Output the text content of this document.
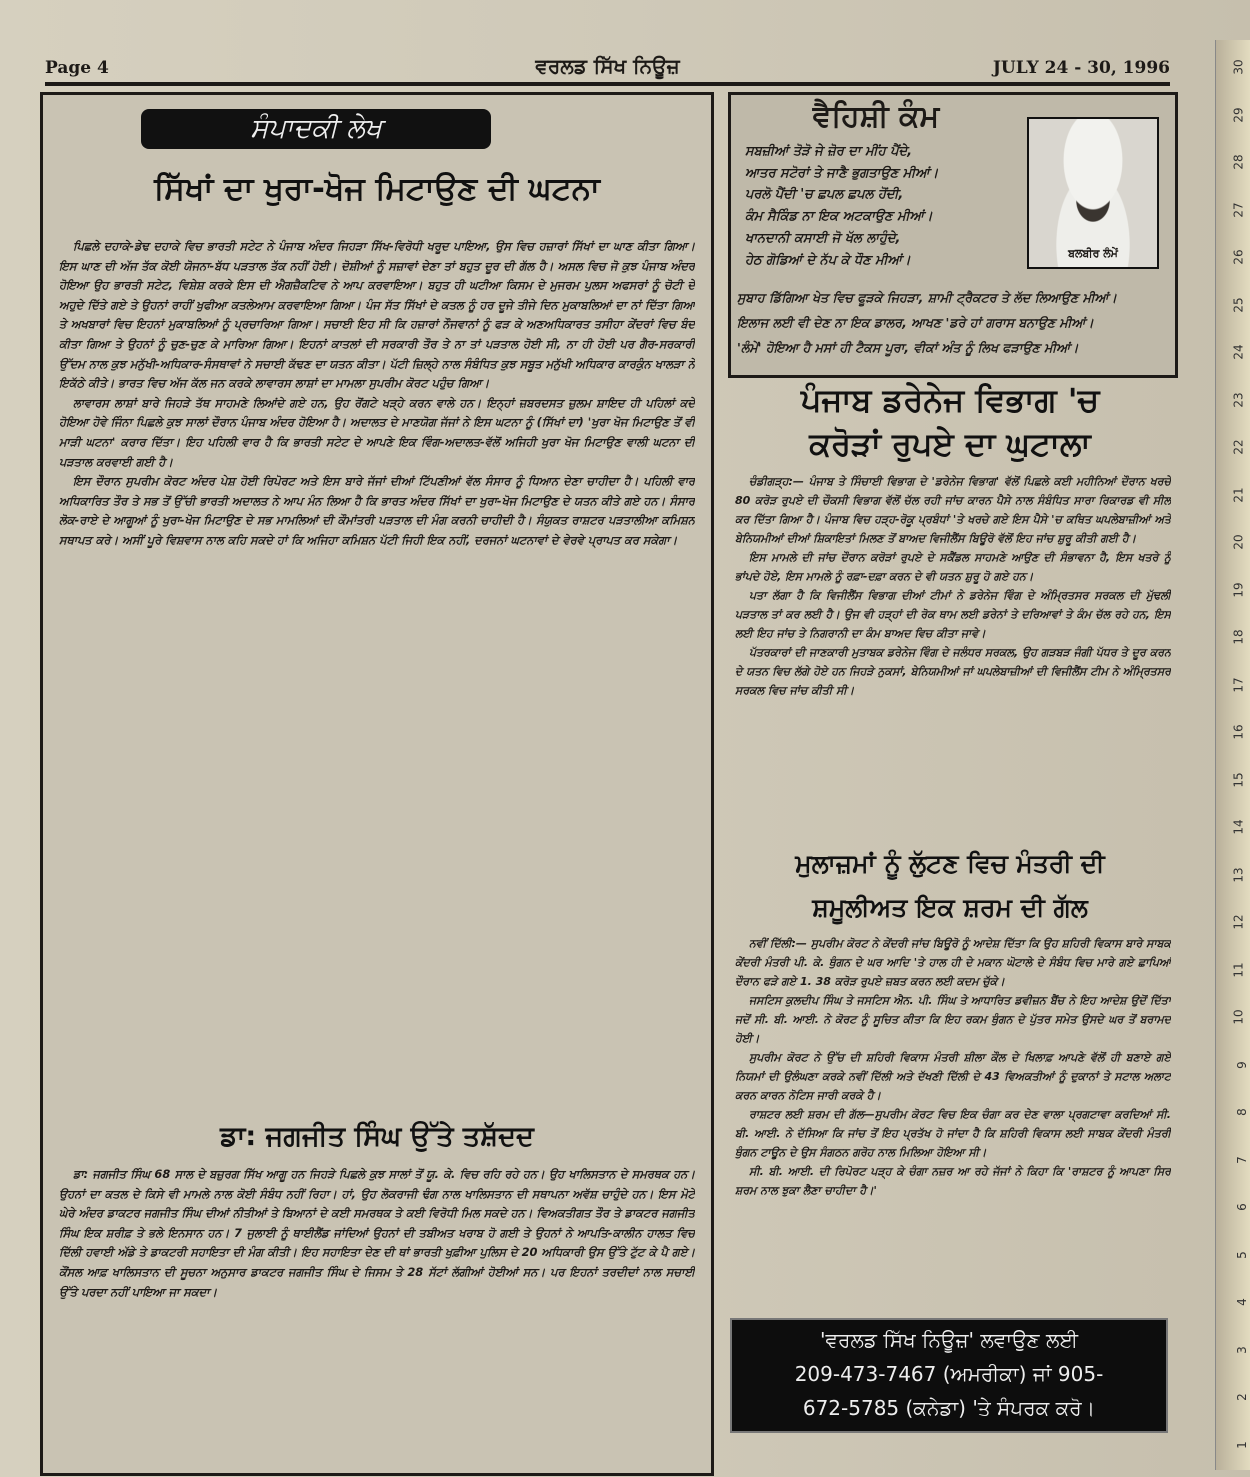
Page 4	ਵਰਲਡ ਸਿੱਖ ਨਿਊਜ਼	JULY 24 - 30, 1996
ਸੰਪਾਦਕੀ ਲੇਖ
ਸਿੱਖਾਂ ਦਾ ਖੁਰਾ-ਖੋਜ ਮਿਟਾਉਣ ਦੀ ਘਟਨਾ

ਪਿਛਲੇ ਦਹਾਕੇ-ਡੇਢ ਦਹਾਕੇ ਵਿਚ ਭਾਰਤੀ ਸਟੇਟ ਨੇ ਪੰਜਾਬ ਅੰਦਰ ਜਿਹੜਾ ਸਿੱਖ-ਵਿਰੋਧੀ ਖਰੂਦ ਪਾਇਆ, ਉਸ ਵਿਚ ਹਜ਼ਾਰਾਂ ਸਿੱਖਾਂ ਦਾ ਘਾਣ ਕੀਤਾ ਗਿਆ। ਇਸ ਘਾਣ ਦੀ ਅੱਜ ਤੱਕ ਕੋਈ ਯੋਜਨਾ-ਬੱਧ ਪੜਤਾਲ ਤੱਕ ਨਹੀਂ ਹੋਈ। ਦੋਸ਼ੀਆਂ ਨੂੰ ਸਜ਼ਾਵਾਂ ਦੇਣਾ ਤਾਂ ਬਹੁਤ ਦੂਰ ਦੀ ਗੱਲ ਹੈ। ਅਸਲ ਵਿਚ ਜੋ ਕੁਝ ਪੰਜਾਬ ਅੰਦਰ ਹੋਇਆ ਉਹ ਭਾਰਤੀ ਸਟੇਟ, ਵਿਸ਼ੇਸ਼ ਕਰਕੇ ਇਸ ਦੀ ਐਗਜ਼ੈਕਟਿਵ ਨੇ ਆਪ ਕਰਵਾਇਆ। ਬਹੁਤ ਹੀ ਘਟੀਆ ਕਿਸਮ ਦੇ ਮੁਜਰਮ ਪੁਲਸ ਅਫਸਰਾਂ ਨੂੰ ਚੋਟੀ ਦੇ ਅਹੁਦੇ ਦਿੱਤੇ ਗਏ ਤੇ ਉਹਨਾਂ ਰਾਹੀਂ ਖੁਫੀਆ ਕਤਲੇਆਮ ਕਰਵਾਇਆ ਗਿਆ। ਪੰਜ ਸੱਤ ਸਿੱਖਾਂ ਦੇ ਕਤਲ ਨੂੰ ਹਰ ਦੂਜੇ ਤੀਜੇ ਦਿਨ ਮੁਕਾਬਲਿਆਂ ਦਾ ਨਾਂ ਦਿੱਤਾ ਗਿਆ ਤੇ ਅਖਬਾਰਾਂ ਵਿਚ ਇਹਨਾਂ ਮੁਕਾਬਲਿਆਂ ਨੂੰ ਪ੍ਰਚਾਰਿਆ ਗਿਆ। ਸਚਾਈ ਇਹ ਸੀ ਕਿ ਹਜ਼ਾਰਾਂ ਨੌਜਵਾਨਾਂ ਨੂੰ ਫੜ ਕੇ ਅਣਅਧਿਕਾਰਤ ਤਸੀਹਾ ਕੇਂਦਰਾਂ ਵਿਚ ਬੰਦ ਕੀਤਾ ਗਿਆ ਤੇ ਉਹਨਾਂ ਨੂੰ ਚੁਣ-ਚੁਣ ਕੇ ਮਾਰਿਆ ਗਿਆ। ਇਹਨਾਂ ਕਾਤਲਾਂ ਦੀ ਸਰਕਾਰੀ ਤੌਰ ਤੇ ਨਾ ਤਾਂ ਪੜਤਾਲ ਹੋਈ ਸੀ, ਨਾ ਹੀ ਹੋਈ ਪਰ ਗੈਰ-ਸਰਕਾਰੀ ਉੱਦਮ ਨਾਲ ਕੁਝ ਮਨੁੱਖੀ-ਅਧਿਕਾਰ-ਸੰਸਥਾਵਾਂ ਨੇ ਸਚਾਈ ਕੱਢਣ ਦਾ ਯਤਨ ਕੀਤਾ। ਪੱਟੀ ਜ਼ਿਲ੍ਹੇ ਨਾਲ ਸੰਬੰਧਿਤ ਕੁਝ ਸਬੂਤ ਮਨੁੱਖੀ ਅਧਿਕਾਰ ਕਾਰਕੁੰਨ ਖਾਲੜਾ ਨੇ ਇਕੱਠੇ ਕੀਤੇ। ਭਾਰਤ ਵਿਚ ਅੱਜ ਕੱਲ ਜਨ ਕਰਕੇ ਲਾਵਾਰਸ ਲਾਸ਼ਾਂ ਦਾ ਮਾਮਲਾ ਸੁਪਰੀਮ ਕੋਰਟ ਪਹੁੰਚ ਗਿਆ।

ਲਾਵਾਰਸ ਲਾਸ਼ਾਂ ਬਾਰੇ ਜਿਹੜੇ ਤੱਥ ਸਾਹਮਣੇ ਲਿਆਂਦੇ ਗਏ ਹਨ, ਉਹ ਰੋਂਗਟੇ ਖੜ੍ਹੇ ਕਰਨ ਵਾਲੇ ਹਨ। ਇਨ੍ਹਾਂ ਜ਼ਬਰਦਸਤ ਜ਼ੁਲਮ ਸ਼ਾਇਦ ਹੀ ਪਹਿਲਾਂ ਕਦੇ ਹੋਇਆ ਹੋਵੇ ਜਿੰਨਾ ਪਿਛਲੇ ਕੁਝ ਸਾਲਾਂ ਦੌਰਾਨ ਪੰਜਾਬ ਅੰਦਰ ਹੋਇਆ ਹੈ। ਅਦਾਲਤ ਦੇ ਮਾਣਯੋਗ ਜੱਜਾਂ ਨੇ ਇਸ ਘਟਨਾ ਨੂੰ (ਸਿੱਖਾਂ ਦਾ) 'ਖੁਰਾ ਖੋਜ ਮਿਟਾਉਣ ਤੋਂ ਵੀ ਮਾੜੀ ਘਟਨਾ' ਕਰਾਰ ਦਿੱਤਾ। ਇਹ ਪਹਿਲੀ ਵਾਰ ਹੈ ਕਿ ਭਾਰਤੀ ਸਟੇਟ ਦੇ ਆਪਣੇ ਇਕ ਵਿੰਗ-ਅਦਾਲਤ-ਵੱਲੋਂ ਅਜਿਹੀ ਖੁਰਾ ਖੋਜ ਮਿਟਾਉਣ ਵਾਲੀ ਘਟਨਾ ਦੀ ਪੜਤਾਲ ਕਰਵਾਈ ਗਈ ਹੈ।

ਇਸ ਦੌਰਾਨ ਸੁਪਰੀਮ ਕੋਰਟ ਅੰਦਰ ਪੇਸ਼ ਹੋਈ ਰਿਪੋਰਟ ਅਤੇ ਇਸ ਬਾਰੇ ਜੱਜਾਂ ਦੀਆਂ ਟਿੱਪਣੀਆਂ ਵੱਲ ਸੰਸਾਰ ਨੂੰ ਧਿਆਨ ਦੇਣਾ ਚਾਹੀਦਾ ਹੈ। ਪਹਿਲੀ ਵਾਰ ਅਧਿਕਾਰਿਤ ਤੌਰ ਤੇ ਸਭ ਤੋਂ ਉੱਚੀ ਭਾਰਤੀ ਅਦਾਲਤ ਨੇ ਆਪ ਮੰਨ ਲਿਆ ਹੈ ਕਿ ਭਾਰਤ ਅੰਦਰ ਸਿੱਖਾਂ ਦਾ ਖੁਰਾ-ਖੋਜ ਮਿਟਾਉਣ ਦੇ ਯਤਨ ਕੀਤੇ ਗਏ ਹਨ। ਸੰਸਾਰ ਲੋਕ-ਰਾਏ ਦੇ ਆਗੂਆਂ ਨੂੰ ਖੁਰਾ-ਖੋਜ ਮਿਟਾਉਣ ਦੇ ਸਭ ਮਾਮਲਿਆਂ ਦੀ ਕੌਮਾਂਤਰੀ ਪੜਤਾਲ ਦੀ ਮੰਗ ਕਰਨੀ ਚਾਹੀਦੀ ਹੈ। ਸੰਯੁਕਤ ਰਾਸ਼ਟਰ ਪੜਤਾਲੀਆ ਕਮਿਸ਼ਨ ਸਥਾਪਤ ਕਰੇ। ਅਸੀਂ ਪੂਰੇ ਵਿਸ਼ਵਾਸ ਨਾਲ ਕਹਿ ਸਕਦੇ ਹਾਂ ਕਿ ਅਜਿਹਾ ਕਮਿਸ਼ਨ ਪੱਟੀ ਜਿਹੀ ਇਕ ਨਹੀਂ, ਦਰਜਨਾਂ ਘਟਨਾਵਾਂ ਦੇ ਵੇਰਵੇ ਪ੍ਰਾਪਤ ਕਰ ਸਕੇਗਾ।

ਡਾ: ਜਗਜੀਤ ਸਿੰਘ ਉੱਤੇ ਤਸ਼ੱਦਦ

ਡਾ: ਜਗਜੀਤ ਸਿੰਘ 68 ਸਾਲ ਦੇ ਬਜ਼ੁਰਗ ਸਿੱਖ ਆਗੂ ਹਨ ਜਿਹੜੇ ਪਿਛਲੇ ਕੁਝ ਸਾਲਾਂ ਤੋਂ ਯੂ. ਕੇ. ਵਿਚ ਰਹਿ ਰਹੇ ਹਨ। ਉਹ ਖਾਲਿਸਤਾਨ ਦੇ ਸਮਰਥਕ ਹਨ। ਉਹਨਾਂ ਦਾ ਕਤਲ ਦੇ ਕਿਸੇ ਵੀ ਮਾਮਲੇ ਨਾਲ ਕੋਈ ਸੰਬੰਧ ਨਹੀਂ ਰਿਹਾ। ਹਾਂ, ਉਹ ਲੋਕਰਾਜੀ ਢੰਗ ਨਾਲ ਖਾਲਿਸਤਾਨ ਦੀ ਸਥਾਪਨਾ ਅਵੱਸ਼ ਚਾਹੁੰਦੇ ਹਨ। ਇਸ ਮੋਟੇ ਘੇਰੇ ਅੰਦਰ ਡਾਕਟਰ ਜਗਜੀਤ ਸਿੰਘ ਦੀਆਂ ਨੀਤੀਆਂ ਤੇ ਬਿਆਨਾਂ ਦੇ ਕਈ ਸਮਰਥਕ ਤੇ ਕਈ ਵਿਰੋਧੀ ਮਿਲ ਸਕਦੇ ਹਨ। ਵਿਅਕਤੀਗਤ ਤੌਰ ਤੇ ਡਾਕਟਰ ਜਗਜੀਤ ਸਿੰਘ ਇਕ ਸ਼ਰੀਫ਼ ਤੇ ਭਲੇ ਇਨਸਾਨ ਹਨ। 7 ਜੁਲਾਈ ਨੂੰ ਥਾਈਲੈਂਡ ਜਾਂਦਿਆਂ ਉਹਨਾਂ ਦੀ ਤਬੀਅਤ ਖਰਾਬ ਹੋ ਗਈ ਤੇ ਉਹਨਾਂ ਨੇ ਆਪਤਿ-ਕਾਲੀਨ ਹਾਲਤ ਵਿਚ ਦਿੱਲੀ ਹਵਾਈ ਅੱਡੇ ਤੇ ਡਾਕਟਰੀ ਸਹਾਇਤਾ ਦੀ ਮੰਗ ਕੀਤੀ। ਇਹ ਸਹਾਇਤਾ ਦੇਣ ਦੀ ਥਾਂ ਭਾਰਤੀ ਖੁਫ਼ੀਆ ਪੁਲਿਸ ਦੇ 20 ਅਧਿਕਾਰੀ ਉਸ ਉੱਤੇ ਟੁੱਟ ਕੇ ਪੈ ਗਏ। ਕੌਂਸਲ ਆਫ਼ ਖਾਲਿਸਤਾਨ ਦੀ ਸੂਚਨਾ ਅਨੁਸਾਰ ਡਾਕਟਰ ਜਗਜੀਤ ਸਿੰਘ ਦੇ ਜਿਸਮ ਤੇ 28 ਸੱਟਾਂ ਲੱਗੀਆਂ ਹੋਈਆਂ ਸਨ। ਪਰ ਇਹਨਾਂ ਤਰਦੀਦਾਂ ਨਾਲ ਸਚਾਈ ਉੱਤੇ ਪਰਦਾ ਨਹੀਂ ਪਾਇਆ ਜਾ ਸਕਦਾ।

ਵੈਹਿਸ਼ੀ ਕੰਮ
ਸਬਜ਼ੀਆਂ ਤੋੜੋ ਜੇ ਜ਼ੋਰ ਦਾ ਮੀਂਹ ਪੈਂਦੇ,
ਆਤਰ ਸਟੋਰਾਂ ਤੇ ਜਾਣੈ ਭੁਗਤਾਉਣ ਮੀਆਂ।
ਪਰਲੋ ਪੈਂਦੀ 'ਚ ਛਪਲ ਛਪਲ ਹੋਂਦੀ,
ਕੰਮ ਸੈਕਿੰਡ ਨਾ ਇਕ ਅਟਕਾਉਣ ਮੀਆਂ।
ਖਾਨਦਾਨੀ ਕਸਾਈ ਜੋ ਖੱਲ ਲਾਹੁੰਦੇ,
ਹੇਠ ਗੋਡਿਆਂ ਦੇ ਨੱਪ ਕੇ ਧੌਣ ਮੀਆਂ।	ਬਲਬੀਰ ਲੰਮੇਂ
ਸੁਬਾਹ ਡਿੱਗਿਆ ਖੇਤ ਵਿਚ ਫੂੜਕੇ ਜਿਹੜਾ, ਸ਼ਾਮੀ ਟ੍ਰੈਕਟਰ ਤੇ ਲੱਦ ਲਿਆਉਣ ਮੀਆਂ।
ਇਲਾਜ ਲਈ ਵੀ ਦੇਣ ਨਾ ਇਕ ਡਾਲਰ, ਆਖਣ 'ਡਰੇ ਹਾਂ ਗਰਾਸ ਬਨਾਉਣ ਮੀਆਂ।
'ਲੰਮੇਂ' ਹੋਇਆ ਹੈ ਮਸਾਂ ਹੀ ਟੈਕਸ ਪੂਰਾ, ਵੀਕਾਂ ਅੰਤ ਨੂੰ ਲਿਖ ਫੜਾਉਣ ਮੀਆਂ।
ਪੰਜਾਬ ਡਰੇਨੇਜ ਵਿਭਾਗ 'ਚ
ਕਰੋੜਾਂ ਰੁਪਏ ਦਾ ਘੁਟਾਲਾ

ਚੰਡੀਗੜ੍ਹ:— ਪੰਜਾਬ ਤੇ ਸਿੰਚਾਈ ਵਿਭਾਗ ਦੇ 'ਡਰੇਨੇਜ ਵਿਭਾਗ' ਵੱਲੋਂ ਪਿਛਲੇ ਕਈ ਮਹੀਨਿਆਂ ਦੌਰਾਨ ਖਰਚੇ 80 ਕਰੋੜ ਰੁਪਏ ਦੀ ਚੌਕਸੀ ਵਿਭਾਗ ਵੱਲੋਂ ਚੱਲ ਰਹੀ ਜਾਂਚ ਕਾਰਨ ਪੈਸੇ ਨਾਲ ਸੰਬੰਧਿਤ ਸਾਰਾ ਰਿਕਾਰਡ ਵੀ ਸੀਲ ਕਰ ਦਿੱਤਾ ਗਿਆ ਹੈ। ਪੰਜਾਬ ਵਿਚ ਹੜ੍ਹ-ਰੋਕੂ ਪ੍ਰਬੰਧਾਂ 'ਤੇ ਖਰਚੇ ਗਏ ਇਸ ਪੈਸੇ 'ਚ ਕਥਿਤ ਘਪਲੇਬਾਜ਼ੀਆਂ ਅਤੇ ਬੇਨਿਯਮੀਆਂ ਦੀਆਂ ਸ਼ਿਕਾਇਤਾਂ ਮਿਲਣ ਤੋਂ ਬਾਅਦ ਵਿਜੀਲੈਂਸ ਬਿਊਰੋ ਵੱਲੋਂ ਇਹ ਜਾਂਚ ਸ਼ੁਰੂ ਕੀਤੀ ਗਈ ਹੈ।

ਇਸ ਮਾਮਲੇ ਦੀ ਜਾਂਚ ਦੌਰਾਨ ਕਰੋੜਾਂ ਰੁਪਏ ਦੇ ਸਕੈਂਡਲ ਸਾਹਮਣੇ ਆਉਣ ਦੀ ਸੰਭਾਵਨਾ ਹੈ, ਇਸ ਖਤਰੇ ਨੂੰ ਭਾਂਪਦੇ ਹੋਏ, ਇਸ ਮਾਮਲੇ ਨੂੰ ਰਫ਼ਾ-ਦਫ਼ਾ ਕਰਨ ਦੇ ਵੀ ਯਤਨ ਸ਼ੁਰੂ ਹੋ ਗਏ ਹਨ।

ਪਤਾ ਲੱਗਾ ਹੈ ਕਿ ਵਿਜੀਲੈਂਸ ਵਿਭਾਗ ਦੀਆਂ ਟੀਮਾਂ ਨੇ ਡਰੇਨੇਜ ਵਿੰਗ ਦੇ ਅੰਮ੍ਰਿਤਸਰ ਸਰਕਲ ਦੀ ਮੁੱਢਲੀ ਪੜਤਾਲ ਤਾਂ ਕਰ ਲਈ ਹੈ। ਉਜ ਵੀ ਹੜ੍ਹਾਂ ਦੀ ਰੋਕ ਥਾਮ ਲਈ ਡਰੇਨਾਂ ਤੇ ਦਰਿਆਵਾਂ ਤੇ ਕੰਮ ਚੱਲ ਰਹੇ ਹਨ, ਇਸ ਲਈ ਇਹ ਜਾਂਚ ਤੇ ਨਿਗਰਾਨੀ ਦਾ ਕੰਮ ਬਾਅਦ ਵਿਚ ਕੀਤਾ ਜਾਵੇ।

ਪੱਤਰਕਾਰਾਂ ਦੀ ਜਾਣਕਾਰੀ ਮੁਤਾਬਕ ਡਰੇਨੇਜ ਵਿੰਗ ਦੇ ਜਲੰਧਰ ਸਰਕਲ, ਉਹ ਗੜਬੜ ਜੰਗੀ ਪੱਧਰ ਤੇ ਦੂਰ ਕਰਨ ਦੇ ਯਤਨ ਵਿਚ ਲੱਗੇ ਹੋਏ ਹਨ ਜਿਹੜੇ ਨੁਕਸਾਂ, ਬੇਨਿਯਮੀਆਂ ਜਾਂ ਘਪਲੇਬਾਜ਼ੀਆਂ ਦੀ ਵਿਜੀਲੈਂਸ ਟੀਮ ਨੇ ਅੰਮ੍ਰਿਤਸਰ ਸਰਕਲ ਵਿਚ ਜਾਂਚ ਕੀਤੀ ਸੀ।

ਮੁਲਾਜ਼ਮਾਂ ਨੂੰ ਲੁੱਟਣ ਵਿਚ ਮੰਤਰੀ ਦੀ
ਸ਼ਮੂਲੀਅਤ ਇਕ ਸ਼ਰਮ ਦੀ ਗੱਲ

ਨਵੀਂ ਦਿੱਲੀ:— ਸੁਪਰੀਮ ਕੋਰਟ ਨੇ ਕੇਂਦਰੀ ਜਾਂਚ ਬਿਊਰੋ ਨੂੰ ਆਦੇਸ਼ ਦਿੱਤਾ ਕਿ ਉਹ ਸ਼ਹਿਰੀ ਵਿਕਾਸ ਬਾਰੇ ਸਾਬਕ ਕੇਂਦਰੀ ਮੰਤਰੀ ਪੀ. ਕੇ. ਥੁੰਗਨ ਦੇ ਘਰ ਆਦਿ 'ਤੇ ਹਾਲ ਹੀ ਦੇ ਮਕਾਨ ਘੋਟਾਲੇ ਦੇ ਸੰਬੰਧ ਵਿਚ ਮਾਰੇ ਗਏ ਛਾਪਿਆਂ ਦੌਰਾਨ ਫੜੇ ਗਏ 1. 38 ਕਰੋੜ ਰੁਪਏ ਜ਼ਬਤ ਕਰਨ ਲਈ ਕਦਮ ਚੁੱਕੇ।

ਜਸਟਿਸ ਕੁਲਦੀਪ ਸਿੰਘ ਤੇ ਜਸਟਿਸ ਐਨ. ਪੀ. ਸਿੰਘ ਤੇ ਆਧਾਰਿਤ ਡਵੀਜ਼ਨ ਬੈਂਚ ਨੇ ਇਹ ਆਦੇਸ਼ ਉਦੋਂ ਦਿੱਤਾ ਜਦੋਂ ਸੀ. ਬੀ. ਆਈ. ਨੇ ਕੋਰਟ ਨੂੰ ਸੂਚਿਤ ਕੀਤਾ ਕਿ ਇਹ ਰਕਮ ਥੁੰਗਨ ਦੇ ਪੁੱਤਰ ਸਮੇਤ ਉਸਦੇ ਘਰ ਤੋਂ ਬਰਾਮਦ ਹੋਈ।

ਸੁਪਰੀਮ ਕੋਰਟ ਨੇ ਉੱਚ ਦੀ ਸ਼ਹਿਰੀ ਵਿਕਾਸ ਮੰਤਰੀ ਸ਼ੀਲਾ ਕੌਲ ਦੇ ਖਿਲਾਫ਼ ਆਪਣੇ ਵੱਲੋਂ ਹੀ ਬਣਾਏ ਗਏ ਨਿਯਮਾਂ ਦੀ ਉਲੰਘਣਾ ਕਰਕੇ ਨਵੀਂ ਦਿੱਲੀ ਅਤੇ ਦੱਖਣੀ ਦਿੱਲੀ ਦੇ 43 ਵਿਅਕਤੀਆਂ ਨੂੰ ਦੁਕਾਨਾਂ ਤੇ ਸਟਾਲ ਅਲਾਟ ਕਰਨ ਕਾਰਨ ਨੋਟਿਸ ਜਾਰੀ ਕਰਕੇ ਹੈ।

ਰਾਸ਼ਟਰ ਲਈ ਸ਼ਰਮ ਦੀ ਗੱਲ—ਸੁਪਰੀਮ ਕੋਰਟ ਵਿਚ ਇਕ ਚੰਗਾ ਕਰ ਦੇਣ ਵਾਲਾ ਪ੍ਰਗਟਾਵਾ ਕਰਦਿਆਂ ਸੀ. ਬੀ. ਆਈ. ਨੇ ਦੱਸਿਆ ਕਿ ਜਾਂਚ ਤੋਂ ਇਹ ਪ੍ਰਤੱਖ ਹੋ ਜਾਂਦਾ ਹੈ ਕਿ ਸ਼ਹਿਰੀ ਵਿਕਾਸ ਲਈ ਸਾਬਕ ਕੇਂਦਰੀ ਮੰਤਰੀ ਥੁੰਗਨ ਟਾਊਨ ਦੇ ਉਸ ਸੰਗਠਨ ਗਰੋਹ ਨਾਲ ਮਿਲਿਆ ਹੋਇਆ ਸੀ।

ਸੀ. ਬੀ. ਆਈ. ਦੀ ਰਿਪੋਰਟ ਪੜ੍ਹ ਕੇ ਚੰਗਾ ਨਜ਼ਰ ਆ ਰਹੇ ਜੱਜਾਂ ਨੇ ਕਿਹਾ ਕਿ 'ਰਾਸ਼ਟਰ ਨੂੰ ਆਪਣਾ ਸਿਰ ਸ਼ਰਮ ਨਾਲ ਝੁਕਾ ਲੈਣਾ ਚਾਹੀਦਾ ਹੈ।'

'ਵਰਲਡ ਸਿੱਖ ਨਿਊਜ਼' ਲਵਾਉਣ ਲਈ
209-473-7467 (ਅਮਰੀਕਾ) ਜਾਂ 905-
672-5785 (ਕਨੇਡਾ) 'ਤੇ ਸੰਪਰਕ ਕਰੋ।
30
29
28
27
26
25
24
23
22
21
20
19
18
17
16
15
14
13
12
11
10
9
8
7
6
5
4
3
2
1
